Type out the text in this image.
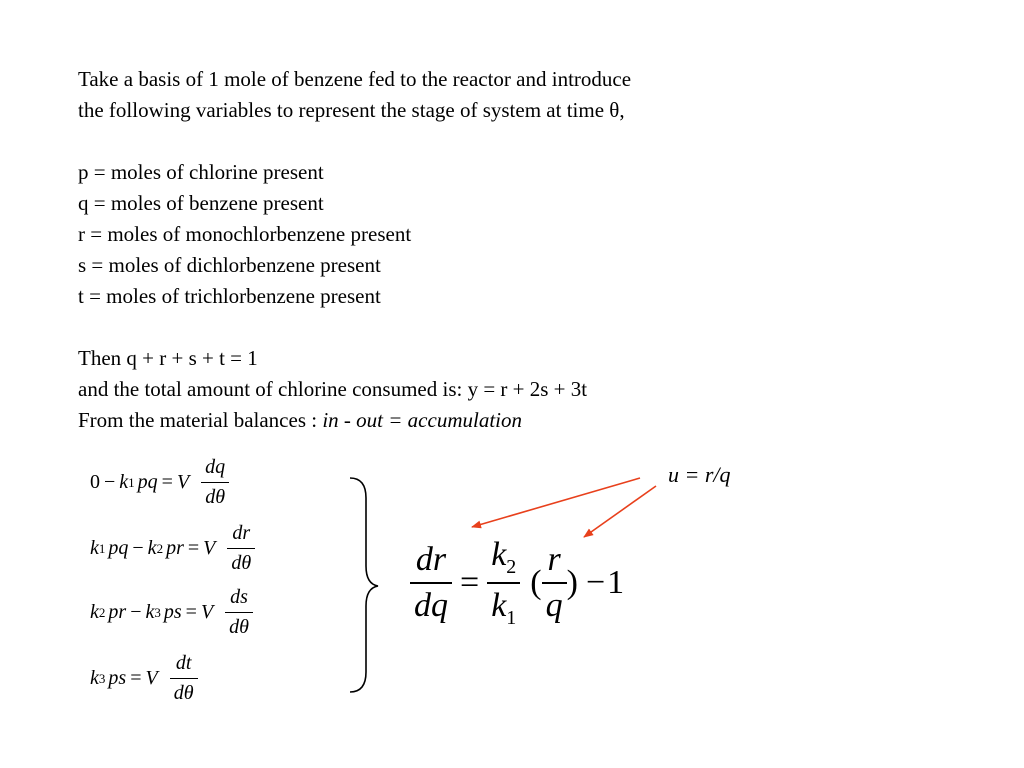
Take a basis of 1 mole of benzene fed to the reactor and introduce
the following variables to represent the stage of system at time θ,
p = moles of chlorine present
q = moles of benzene present
r = moles of monochlorbenzene present
s = moles of dichlorbenzene present
t = moles of trichlorbenzene present
Then q + r + s + t = 1
and the total amount of chlorine consumed is: y = r + 2s + 3t
From the material balances : in - out = accumulation
0 − k 1 pq = V $\frac{dq}{d\theta}$
k 1 pq − k 2 pr = V $\frac{dr}{d\theta}$
k 2 pr − k 3 ps = V $\frac{ds}{d\theta}$
k 3 ps = V $\frac{dt}{d\theta}$
$\frac{dr}{dq} = \frac{k_2}{k_1}$ ( $\frac{r}{q}$ ) − 1
u = r/q
